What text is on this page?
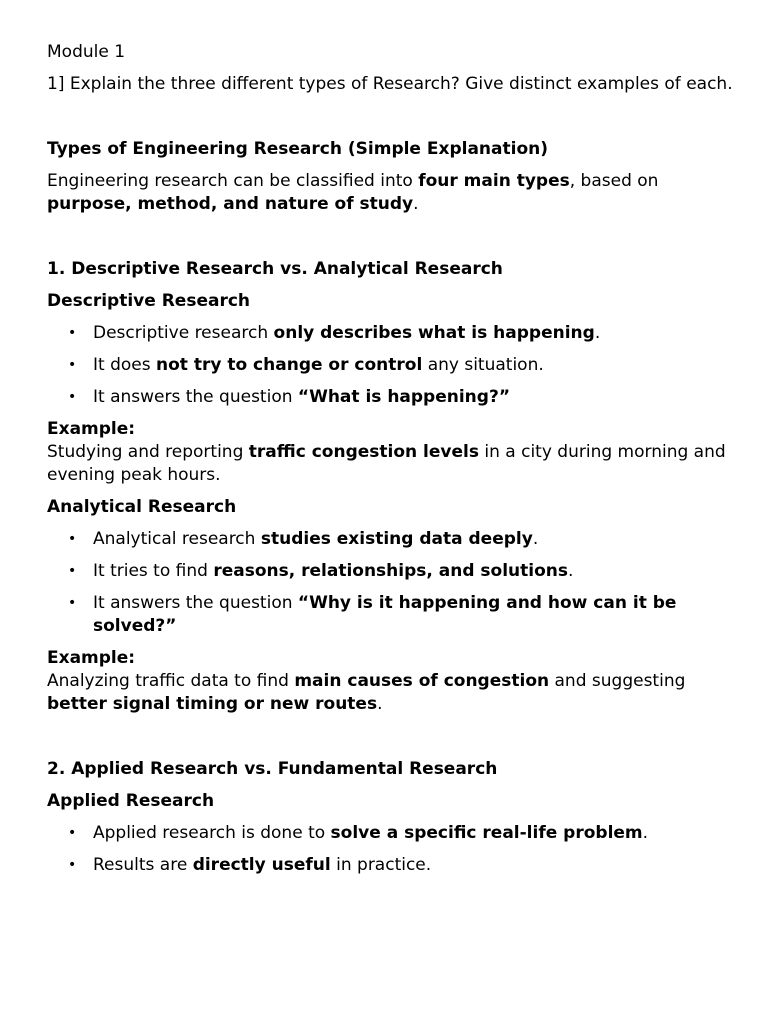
Module 1

1] Explain the three different types of Research? Give distinct examples of each.

Types of Engineering Research (Simple Explanation)

Engineering research can be classified into four main types, based on purpose, method, and nature of study.

1. Descriptive Research vs. Analytical Research

Descriptive Research

• Descriptive research only describes what is happening.
• It does not try to change or control any situation.
• It answers the question “What is happening?”

Example:

Studying and reporting traffic congestion levels in a city during morning and evening peak hours.

Analytical Research

• Analytical research studies existing data deeply.
• It tries to find reasons, relationships, and solutions.
• It answers the question “Why is it happening and how can it be solved?”

Example:

Analyzing traffic data to find main causes of congestion and suggesting better signal timing or new routes.

2. Applied Research vs. Fundamental Research

Applied Research

• Applied research is done to solve a specific real-life problem.
• Results are directly useful in practice.
